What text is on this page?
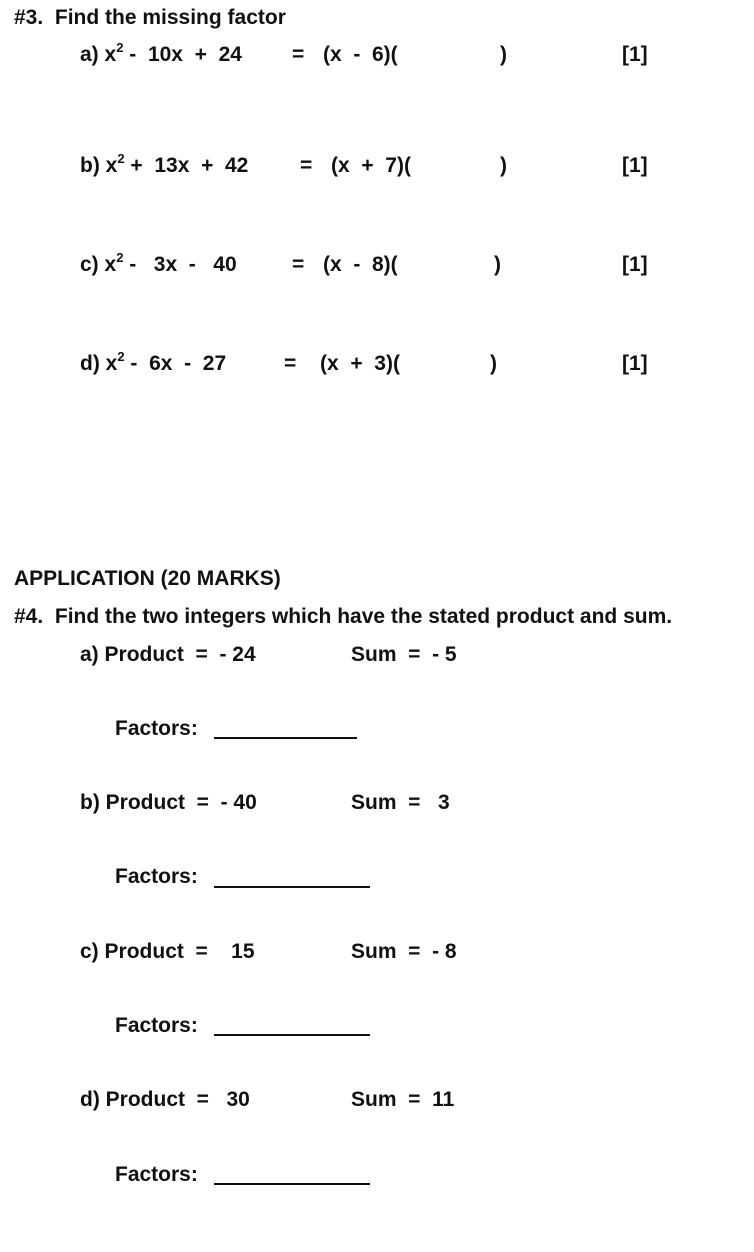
#3.  Find the missing factor
a) $x^2 - 10x + 24 = (x - 6)$(	)	[1]
b) $x^2 + 13x + 42 = (x + 7)$(	)	[1]
c) $x^2 - 3x - 40$	= (x  -  8)(	)	[1]
d) $x^2 - 6x - 27$	= (x  +  3)(	)	[1]
APPLICATION (20 MARKS)
#4.  Find the two integers which have the stated product and sum.
a) Product  =  - 24	Sum  =  - 5
Factors:
b) Product  =  - 40	Sum  =   3
Factors:
c) Product  =    15	Sum  =  - 8
Factors:
d) Product  =   30	Sum  =  11
Factors:
